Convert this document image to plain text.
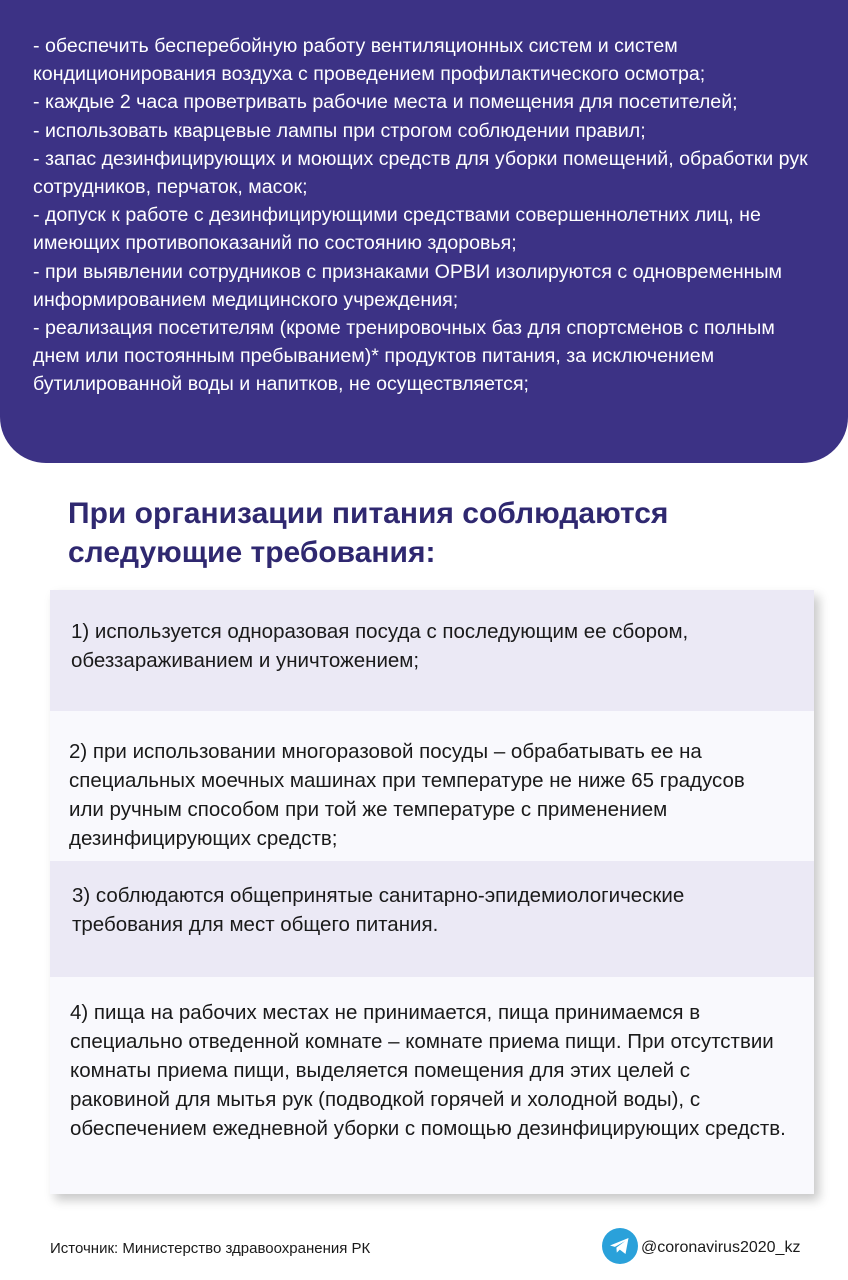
- обеспечить бесперебойную работу вентиляционных систем и систем кондиционирования воздуха с проведением профилактического осмотра;
- каждые 2 часа проветривать рабочие места и помещения для посетителей;
- использовать кварцевые лампы при строгом соблюдении правил;
- запас дезинфицирующих и моющих средств для уборки помещений, обработки рук сотрудников, перчаток, масок;
- допуск к работе с дезинфицирующими средствами совершеннолетних лиц, не имеющих противопоказаний по состоянию здоровья;
- при выявлении сотрудников с признаками ОРВИ изолируются с одновременным информированием медицинского учреждения;
- реализация посетителям (кроме тренировочных баз для спортсменов с полным днем или постоянным пребыванием)* продуктов питания, за исключением бутилированной воды и напитков, не осуществляется;
При организации питания соблюдаются следующие требования:
1) используется одноразовая посуда с последующим ее сбором, обеззараживанием и уничтожением;
2) при использовании многоразовой посуды – обрабатывать ее на специальных моечных машинах при температуре не ниже 65 градусов или ручным способом при той же температуре с применением дезинфицирующих средств;
3) соблюдаются общепринятые санитарно-эпидемиологические требования для мест общего питания.
4) пища на рабочих местах не принимается, пища принимаемся в специально отведенной комнате – комнате приема пищи. При отсутствии комнаты приема пищи, выделяется помещения для этих целей с раковиной для мытья рук (подводкой горячей и холодной воды), с обеспечением ежедневной уборки с помощью дезинфицирующих средств.
Источник: Министерство здравоохранения РК	@coronavirus2020_kz
